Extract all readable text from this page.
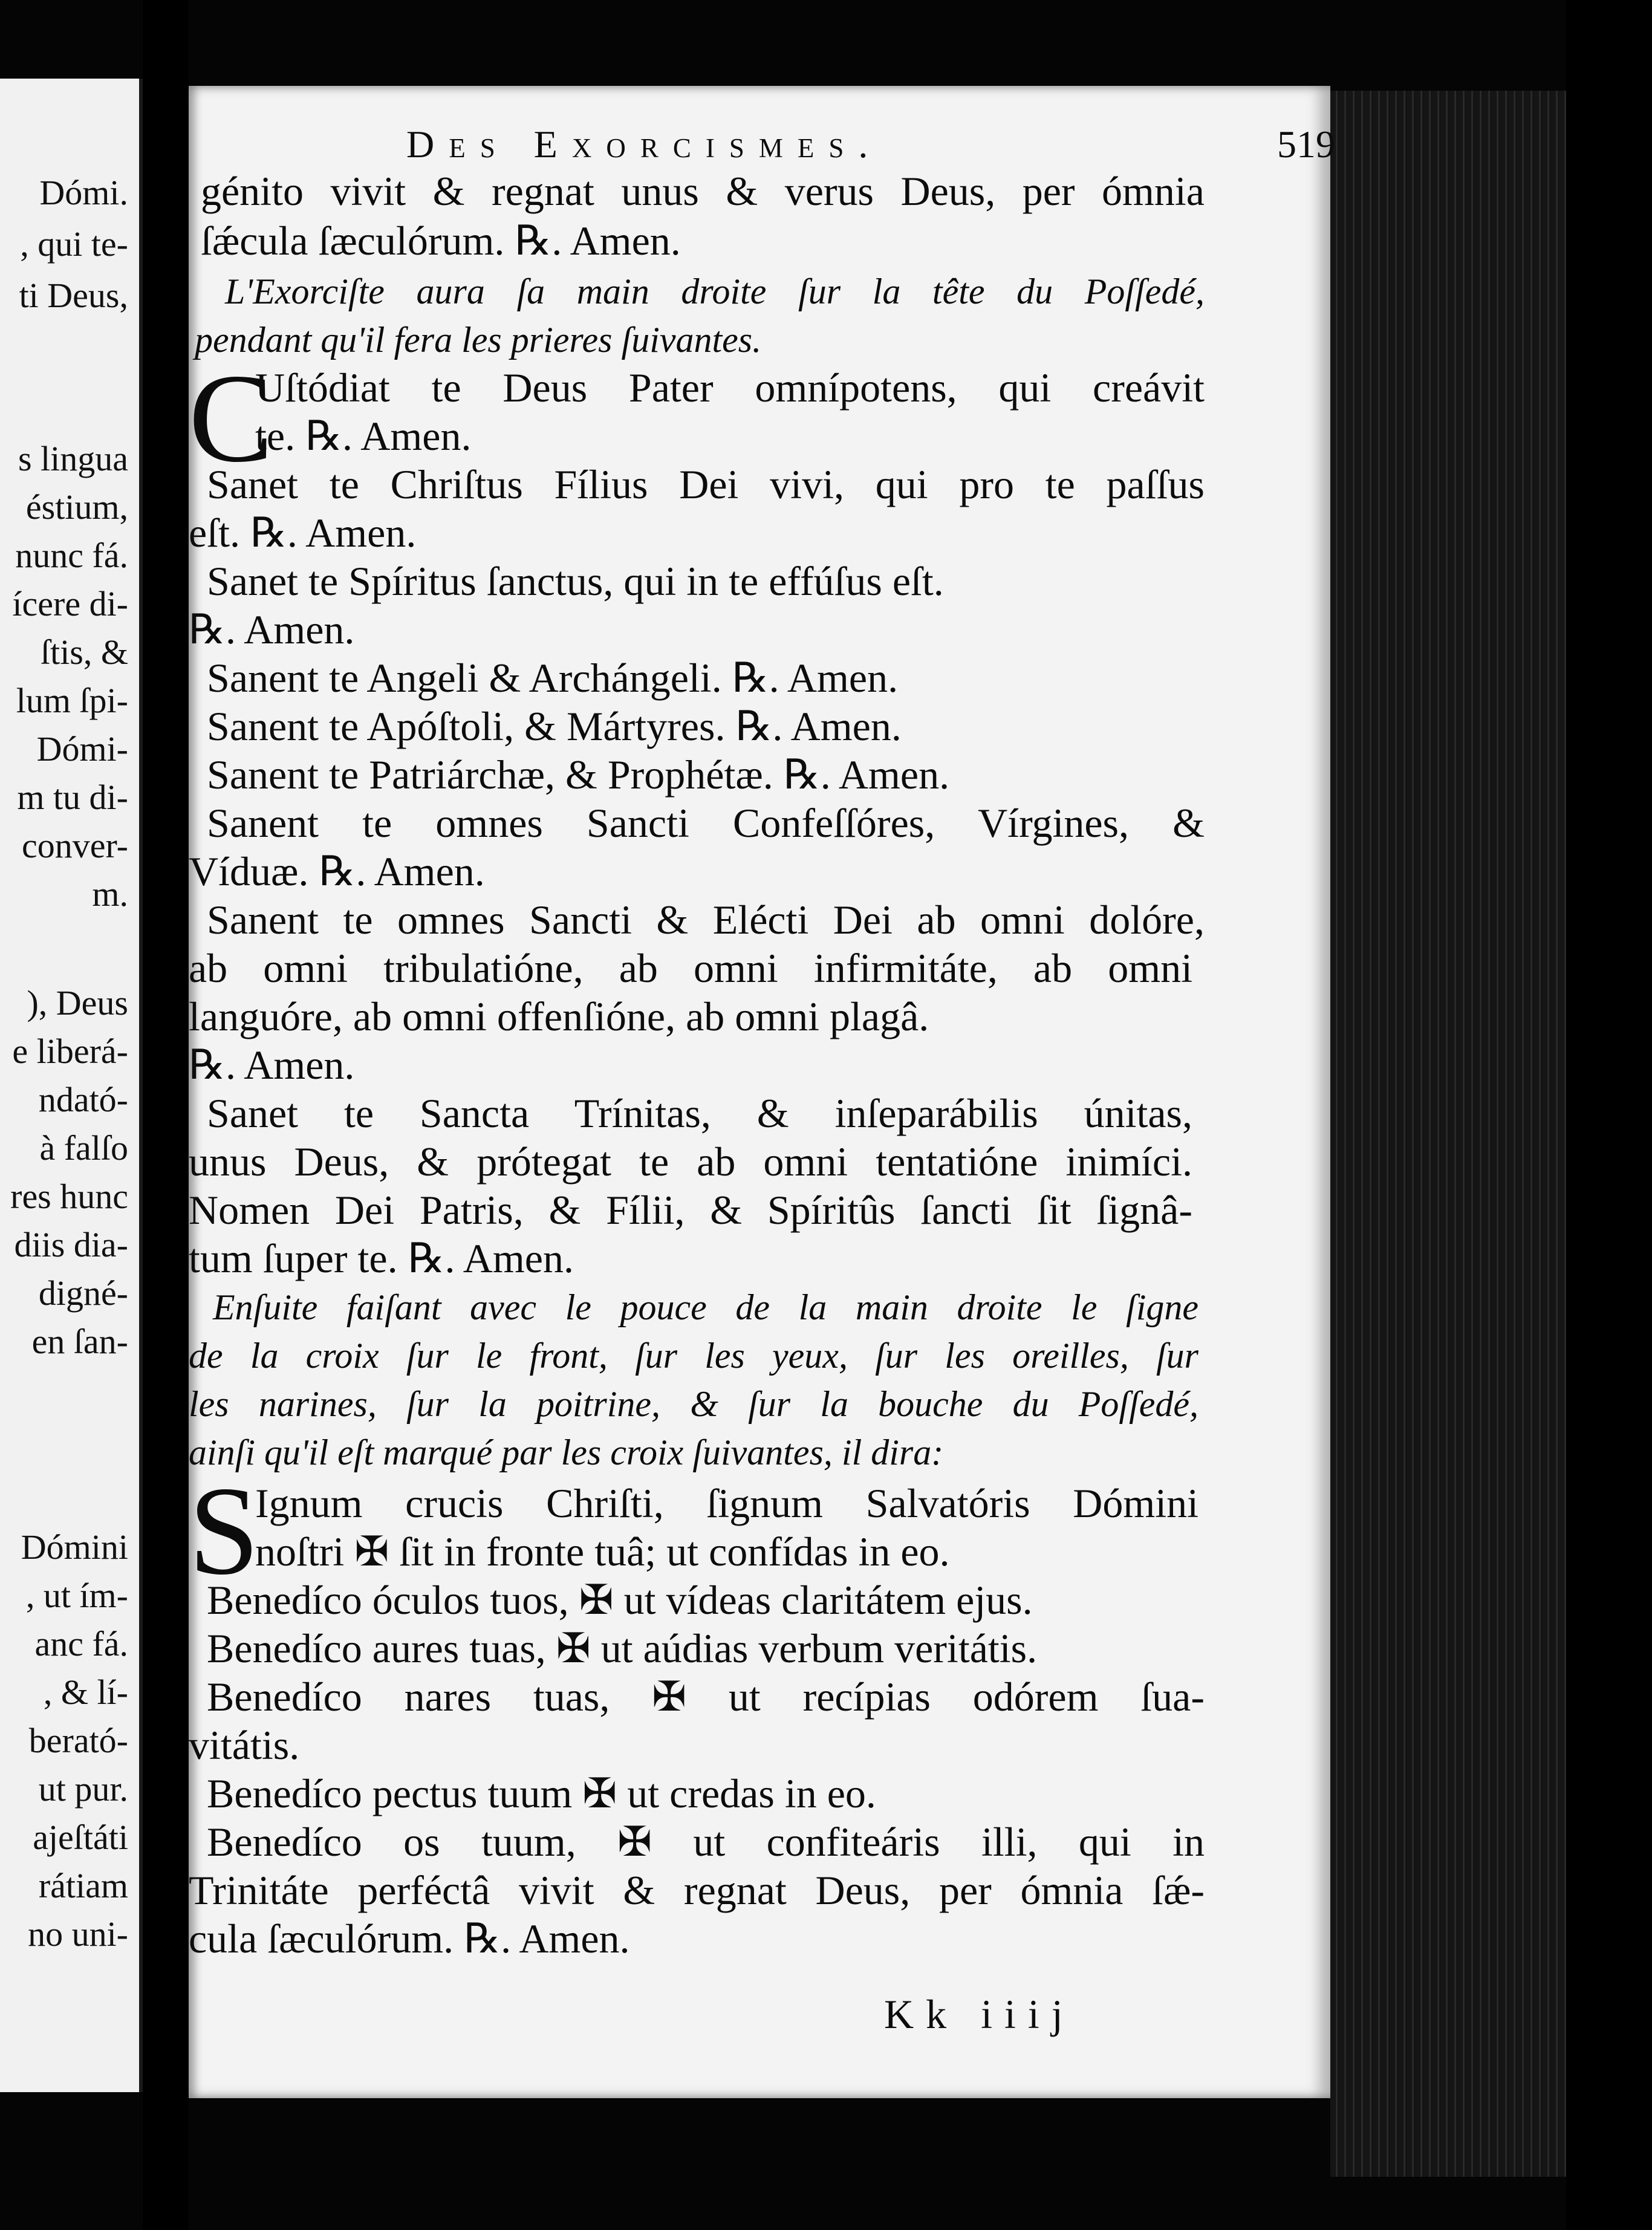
Dómi.
, qui te-
ti Deus,
s lingua
éstium,
nunc fá.
ícere di-
ſtis, &
lum ſpi-
Dómi-
m tu di-
conver-
m.
), Deus
e liberá-
ndató-
à falſo
res hunc
diis dia-
digné-
en ſan-
Dómini
, ut ím-
anc fá.
, & lí-
berató-
ut pur.
ajeſtáti
rátiam
no uni-
Des Exorcismes.	519
génito vivit & regnat unus & verus Deus, per ómnia
ſǽcula ſæculórum. ℞. Amen.
L'Exorciſte aura ſa main droite ſur la tête du Poſſedé,
pendant qu'il fera les prieres ſuivantes.
C
Uſtódiat te Deus Pater omnípotens, qui creávit
te. ℞. Amen.
Sanet te Chriſtus Fílius Dei vivi, qui pro te paſſus
eſt. ℞. Amen.
Sanet te Spíritus ſanctus, qui in te effúſus eſt.
℞. Amen.
Sanent te Angeli & Archángeli. ℞. Amen.
Sanent te Apóſtoli, & Mártyres. ℞. Amen.
Sanent te Patriárchæ, & Prophétæ. ℞. Amen.
Sanent te omnes Sancti Confeſſóres, Vírgines, &
Víduæ. ℞. Amen.
Sanent te omnes Sancti & Elécti Dei ab omni dolóre,
ab omni tribulatióne, ab omni infirmitáte, ab omni
languóre, ab omni offenſióne, ab omni plagâ.
℞. Amen.
Sanet te Sancta Trínitas, & inſeparábilis únitas,
unus Deus, & prótegat te ab omni tentatióne inimíci.
Nomen Dei Patris, & Fílii, & Spíritûs ſancti ſit ſignâ-
tum ſuper te. ℞. Amen.
Enſuite faiſant avec le pouce de la main droite le ſigne
de la croix ſur le front, ſur les yeux, ſur les oreilles, ſur
les narines, ſur la poitrine, & ſur la bouche du Poſſedé,
ainſi qu'il eſt marqué par les croix ſuivantes, il dira:
S
Ignum crucis Chriſti, ſignum Salvatóris Dómini
noſtri ✠ ſit in fronte tuâ; ut confídas in eo.
Benedíco óculos tuos, ✠ ut vídeas claritátem ejus.
Benedíco aures tuas, ✠ ut aúdias verbum veritátis.
Benedíco nares tuas, ✠ ut recípias odórem ſua-
vitátis.
Benedíco pectus tuum ✠ ut credas in eo.
Benedíco os tuum, ✠ ut confiteáris illi, qui in
Trinitáte perféctâ vivit & regnat Deus, per ómnia ſǽ-
cula ſæculórum. ℞. Amen.
Kk iiij
